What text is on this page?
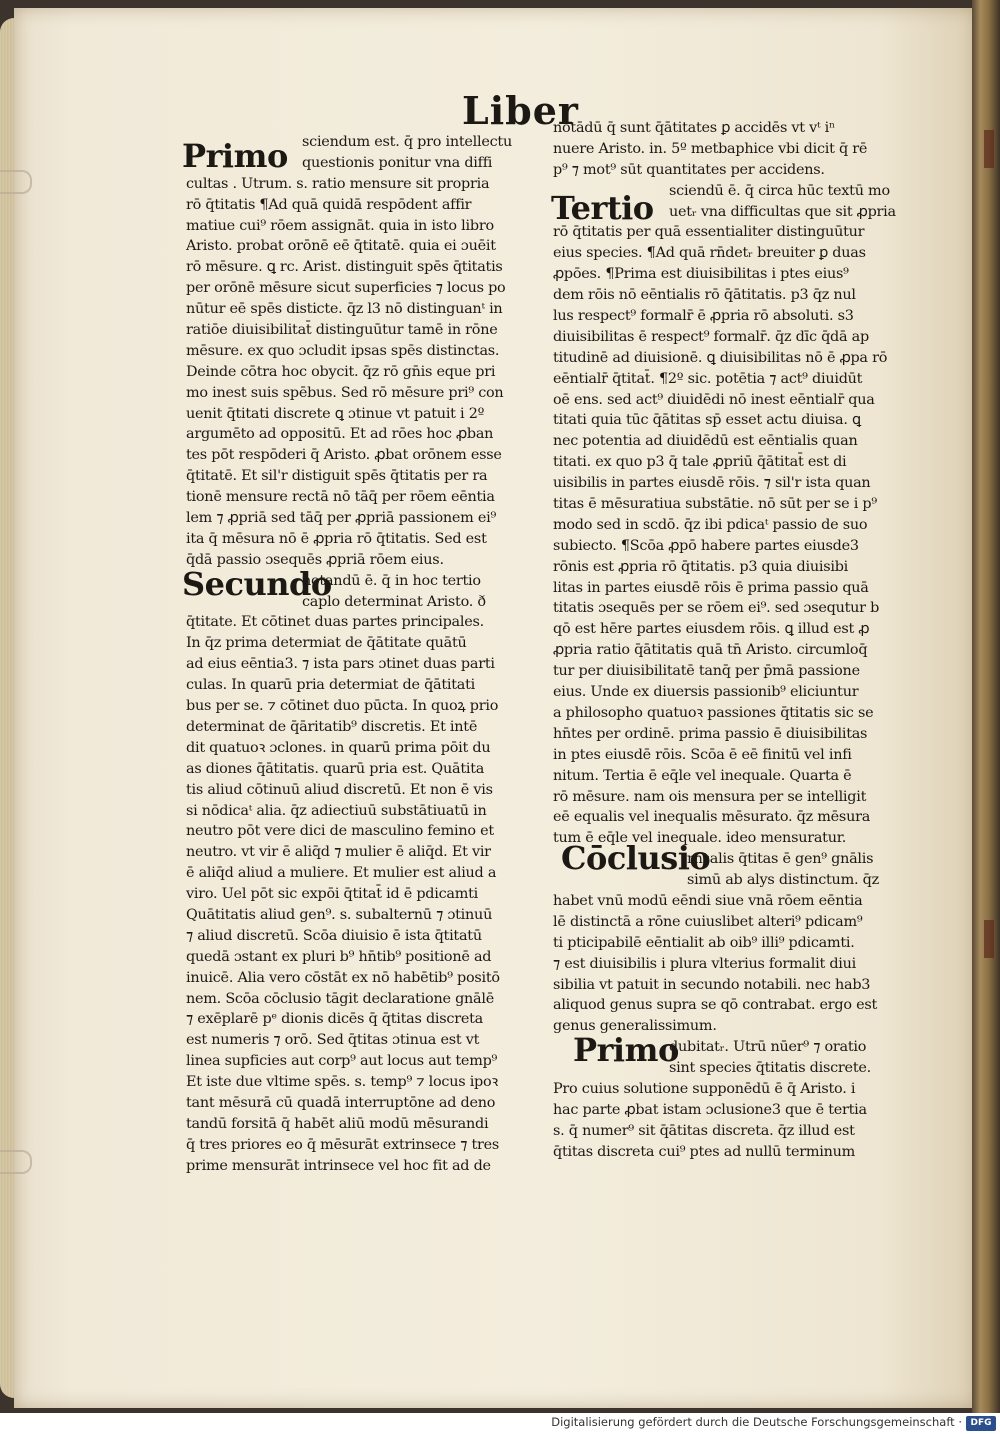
Liber
Primo sciendum est. q̄ pro intellectu
questionis ponitur vna diffi
cultas . Utrum. s. ratio mensure sit propria
rō q̄titatis ¶Ad quā quidā respōdent affir
matiue cui⁹ rōem assignāt. quia in isto libro
Aristo. probat orōnē eē q̄titatē. quia ei ɔuēit
rō mēsure. ꝗ rc. Arist. distinguit spēs q̄titatis
per orōnē mēsure sicut superficies ⁊ locus po
nūtur eē spēs disticte. q̄z l3 nō distinguanᵗ in
ratiōe diuisibilitat̄ distinguūtur tamē in rōne
mēsure. ex quo ɔcludit ipsas spēs distinctas.
Deinde cōtra hoc obycit. q̄z rō gn̄is eque pri
mo inest suis spēbus. Sed rō mēsure pri⁹ con
uenit q̄titati discrete ꝗ ɔtinue vt patuit i 2º
argumēto ad oppositū. Et ad rōes hoc ꝓban
tes pōt respōderi q̄ Aristo. ꝓbat orōnem esse
q̄titatē. Et sil'r distiguit spēs q̄titatis per ra
tionē mensure rectā nō tāq̄ per rōem eēntia
lem ⁊ ꝓpriā sed tāq̄ per ꝓpriā passionem ei⁹
ita q̄ mēsura nō ē ꝓpria rō q̄titatis. Sed est
q̄dā passio ɔsequēs ꝓpriā rōem eius.
Secundo
notandū ē. q̄ in hoc tertio
caplo determinat Aristo. ð
q̄titate. Et cōtinet duas partes principales.
In q̄z prima determiat de q̄ātitate quātū
ad eius eēntia3. ⁊ ista pars ɔtinet duas parti
culas. In quarū pria determiat de q̄ātitati
bus per se. ⁊ cōtinet duo pūcta. In quoꝝ prio
determinat de q̄āritatib⁹ discretis. Et intē
dit quatuoꝛ ɔclones. in quarū prima pōit du
as diones q̄ātitatis. quarū pria est. Quātita
tis aliud cōtinuū aliud discretū. Et non ē vis
si nōdicaᵗ alia. q̄z adiectiuū substātiuatū in
neutro pōt vere dici de masculino femino et
neutro. vt vir ē aliq̄d ⁊ mulier ē aliq̄d. Et vir
ē aliq̄d aliud a muliere. Et mulier est aliud a
viro. Uel pōt sic expōi q̄titat̄ id ē pdicamti
Quātitatis aliud gen⁹. s. subalternū ⁊ ɔtinuū
⁊ aliud discretū. Scōa diuisio ē ista q̄titatū
quedā ɔstant ex pluri b⁹ hn̄tib⁹ positionē ad
inuicē. Alia vero cōstāt ex nō habētib⁹ positō
nem. Scōa cōclusio tāgit declaratione gnālē
⁊ exēplarē pᵉ dionis dicēs q̄ q̄titas discreta
est numeris ⁊ orō. Sed q̄titas ɔtinua est vt
linea supficies aut corp⁹ aut locus aut temp⁹
Et iste due vltime spēs. s. temp⁹ ⁊ locus ipoꝛ
tant mēsurā cū quadā interruptōne ad deno
tandū forsitā q̄ habēt aliū modū mēsurandi
q̄ tres priores eo q̄ mēsurāt extrinsece ⁊ tres
prime mensurāt intrinsece vel hoc fit ad de
notādū q̄ sunt q̄ātitates ꝑ accidēs vt vᵗ iⁿ
nuere Aristo. in. 5º metbaphice vbi dicit q̄ rē
p⁹ ⁊ mot⁹ sūt quantitates per accidens.
Tertio sciendū ē. q̄ circa hūc textū mo
uetᵣ vna difficultas que sit ꝓpria
rō q̄titatis per quā essentialiter distinguūtur
eius species. ¶Ad quā rn̄detᵣ breuiter ꝑ duas
ꝓpōes. ¶Prima est diuisibilitas i ptes eius⁹
dem rōis nō eēntialis rō q̄ātitatis. p3 q̄z nul
lus respect⁹ formalr̄ ē ꝓpria rō absoluti. s3
diuisibilitas ē respect⁹ formalr̄. q̄z dīc q̄dā ap
titudinē ad diuisionē. ꝗ diuisibilitas nō ē ꝓpa rō
eēntialr̄ q̄titat̄. ¶2º sic. potētia ⁊ act⁹ diuidūt
oē ens. sed act⁹ diuidēdi nō inest eēntialr̄ qua
titati quia tūc q̄ātitas sp̄ esset actu diuisa. ꝗ
nec potentia ad diuidēdū est eēntialis quan
titati. ex quo p3 q̄ tale ꝓpriū q̄ātitat̄ est di
uisibilis in partes eiusdē rōis. ⁊ sil'r ista quan
titas ē mēsuratiua substātie. nō sūt per se i p⁹
modo sed in scdō. q̄z ibi pdicaᵗ passio de suo
subiecto. ¶Scōa ꝓpō habere partes eiusde3
rōnis est ꝓpria rō q̄titatis. p3 quia diuisibi
litas in partes eiusdē rōis ē prima passio quā
titatis ɔsequēs per se rōem ei⁹. sed ɔsequtur b
qō est hēre partes eiusdem rōis. ꝗ illud est ꝓ
ꝓpria ratio q̄ātitatis quā tn̄ Aristo. circumloq̄
tur per diuisibilitatē tanq̄ per p̄mā passione
eius. Unde ex diuersis passionib⁹ eliciuntur
a philosopho quatuoꝛ passiones q̄titatis sic se
hn̄tes per ordinē. prima passio ē diuisibilitas
in ptes eiusdē rōis. Scōa ē eē finitū vel infi
nitum. Tertia ē eq̄le vel inequale. Quarta ē
rō mēsure. nam ois mensura per se intelligit
eē equalis vel inequalis mēsurato. q̄z mēsura
tum ē eq̄le vel inequale. ideo mensuratur.
Cōclusio
rn̄salis q̄titas ē gen⁹ gnālis
simū ab alys distinctum. q̄z
habet vnū modū eēndi siue vnā rōem eēntia
lē distinctā a rōne cuiuslibet alteri⁹ pdicam⁹
ti pticipabilē eēntialit ab oib⁹ illi⁹ pdicamti.
⁊ est diuisibilis i plura vlterius formalit diui
sibilia vt patuit in secundo notabili. nec hab3
aliquod genus supra se qō contrabat. ergo est
genus generalissimum.
Primo
dubitatᵣ. Utrū nūer⁹ ⁊ oratio
sint species q̄titatis discrete.
Pro cuius solutione supponēdū ē q̄ Aristo. i
hac parte ꝓbat istam ɔclusione3 que ē tertia
s. q̄ numer⁹ sit q̄ātitas discreta. q̄z illud est
q̄titas discreta cui⁹ ptes ad nullū terminum
Digitalisierung gefördert durch die Deutsche Forschungsgemeinschaft · DFG
